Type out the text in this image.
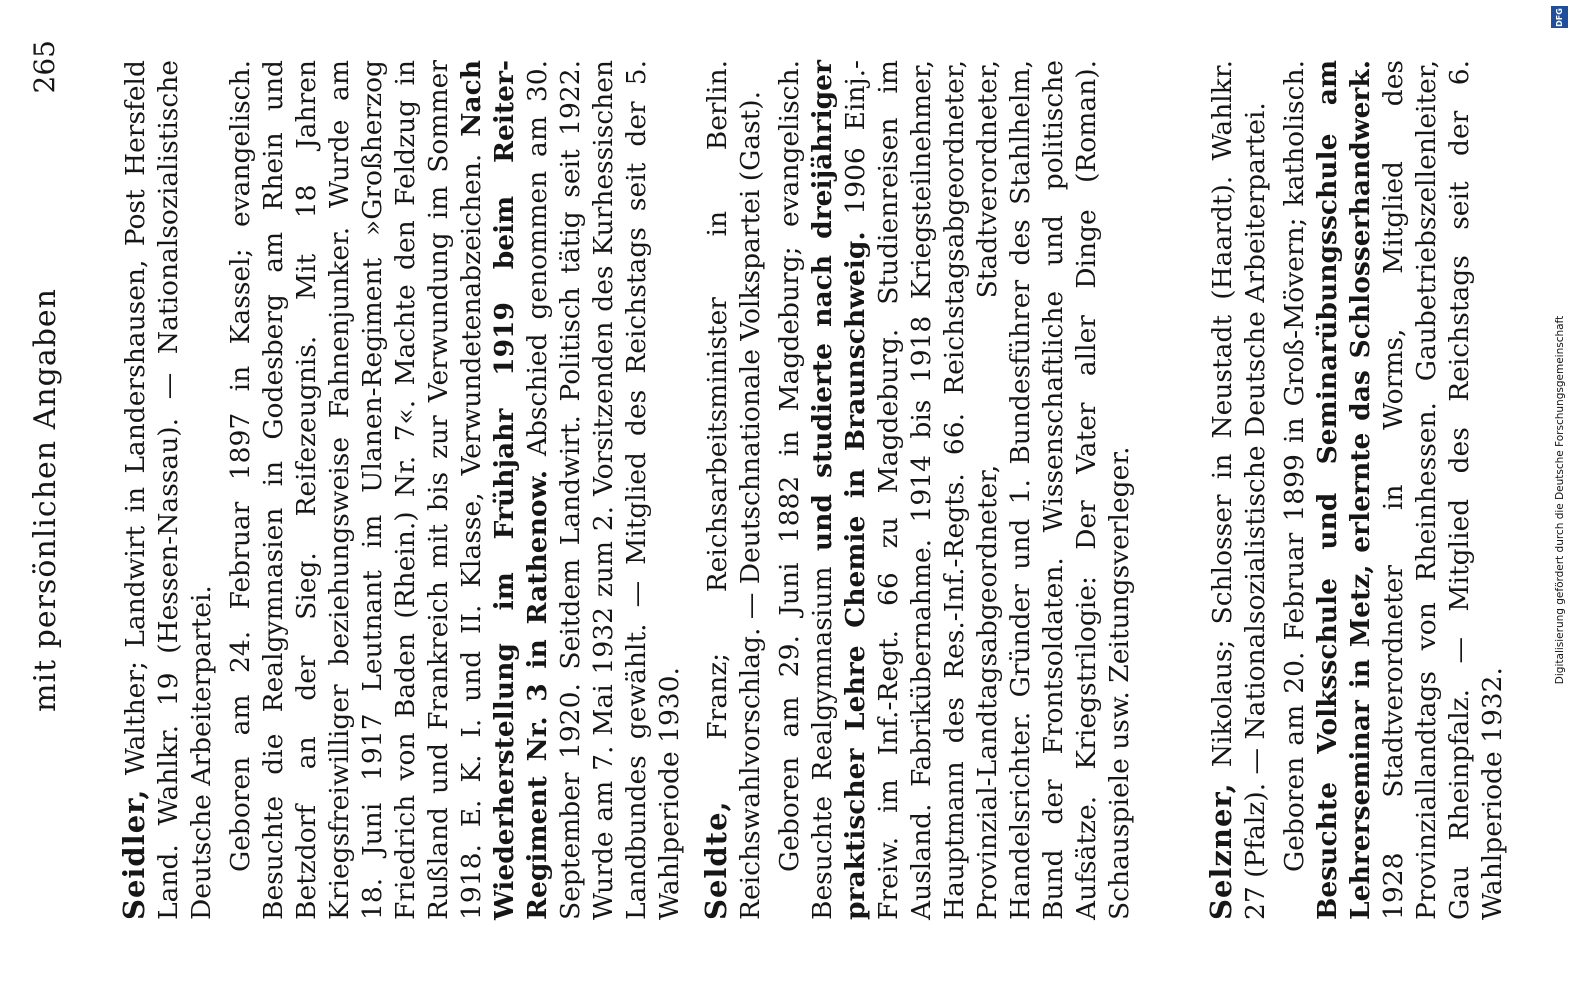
mit persönlichen Angaben
265

Seidler, Walther; Landwirt in Landershausen, Post Hersfeld Land. Wahlkr. 19 (Hessen-Nassau). — Nationalsozialistische Deutsche Arbeiterpartei. Geboren am 24. Februar 1897 in Kassel; evangelisch. Besuchte die Realgymnasien in Godesberg am Rhein und Betzdorf an der Sieg. Reifezeugnis. Mit 18 Jahren Kriegsfreiwilliger beziehungsweise Fahnenjunker. Wurde am 18. Juni 1917 Leutnant im Ulanen-Regiment »Großherzog Friedrich von Baden (Rhein.) Nr. 7«. Machte den Feldzug in Rußland und Frankreich mit bis zur Verwundung im Sommer 1918. E. K. I. und II. Klasse, Verwundetenabzeichen. Nach Wiederherstellung im Frühjahr 1919 beim Reiter-Regiment Nr. 3 in Rathenow. Abschied genommen am 30. September 1920. Seitdem Landwirt. Politisch tätig seit 1922. Wurde am 7. Mai 1932 zum 2. Vorsitzenden des Kurhessischen Landbundes gewählt. — Mitglied des Reichstags seit der 5. Wahlperiode 1930. Seldte, Franz; Reichsarbeitsminister in Berlin. Reichswahlvorschlag. — Deutschnationale Volkspartei (Gast). Geboren am 29. Juni 1882 in Magdeburg; evangelisch. Besuchte Realgymnasium und studierte nach dreijähriger praktischer Lehre Chemie in Braunschweig. 1906 Einj.-Freiw. im Inf.-Regt. 66 zu Magdeburg. Studienreisen im Ausland. Fabrikübernahme. 1914 bis 1918 Kriegsteilnehmer, Hauptmann des Res.-Inf.-Regts. 66. Reichstagsabgeordneter, Provinzial-Landtagsabgeordneter, Stadtverordneter, Handelsrichter. Gründer und 1. Bundesführer des Stahlhelm, Bund der Frontsoldaten. Wissenschaftliche und politische Aufsätze. Kriegstrilogie: Der Vater aller Dinge (Roman). Schauspiele usw. Zeitungsverleger. Selzner, Nikolaus; Schlosser in Neustadt (Haardt). Wahlkr. 27 (Pfalz). — Nationalsozialistische Deutsche Arbeiterpartei. Geboren am 20. Februar 1899 in Groß-Mövern; katholisch. Besuchte Volksschule und Seminarübungsschule am Lehrerseminar in Metz, erlernte das Schlosserhandwerk. 1928 Stadtverordneter in Worms, Mitglied des Provinziallandtags von Rheinhessen. Gaubetriebszellenleiter, Gau Rheinpfalz. — Mitglied des Reichstags seit der 6. Wahlperiode 1932.

DFG
Digitalisierung gefördert durch die Deutsche Forschungsgemeinschaft
